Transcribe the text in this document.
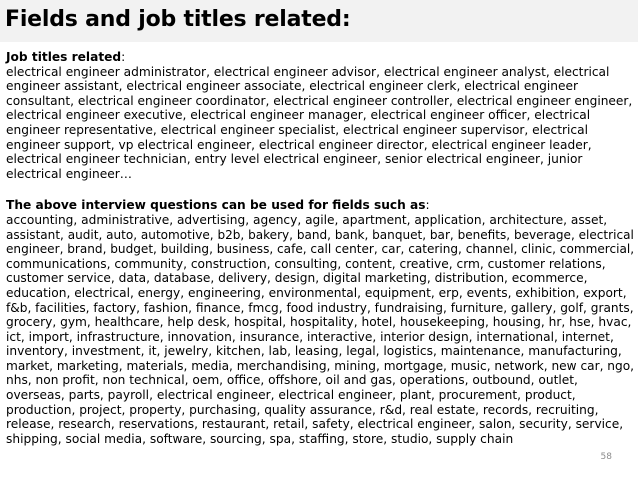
Fields and job titles related:

Job titles related:

electrical engineer administrator, electrical engineer advisor, electrical engineer analyst, electrical

engineer assistant, electrical engineer associate, electrical engineer clerk, electrical engineer

consultant, electrical engineer coordinator, electrical engineer controller, electrical engineer engineer,

electrical engineer executive, electrical engineer manager, electrical engineer officer, electrical

engineer representative, electrical engineer specialist, electrical engineer supervisor, electrical

engineer support, vp electrical engineer, electrical engineer director, electrical engineer leader,

electrical engineer technician, entry level electrical engineer, senior electrical engineer, junior

electrical engineer…

The above interview questions can be used for fields such as:

accounting, administrative, advertising, agency, agile, apartment, application, architecture, asset,

assistant, audit, auto, automotive, b2b, bakery, band, bank, banquet, bar, benefits, beverage, electrical

engineer, brand, budget, building, business, cafe, call center, car, catering, channel, clinic, commercial,

communications, community, construction, consulting, content, creative, crm, customer relations,

customer service, data, database, delivery, design, digital marketing, distribution, ecommerce,

education, electrical, energy, engineering, environmental, equipment, erp, events, exhibition, export,

f&b, facilities, factory, fashion, finance, fmcg, food industry, fundraising, furniture, gallery, golf, grants,

grocery, gym, healthcare, help desk, hospital, hospitality, hotel, housekeeping, housing, hr, hse, hvac,

ict, import, infrastructure, innovation, insurance, interactive, interior design, international, internet,

inventory, investment, it, jewelry, kitchen, lab, leasing, legal, logistics, maintenance, manufacturing,

market, marketing, materials, media, merchandising, mining, mortgage, music, network, new car, ngo,

nhs, non profit, non technical, oem, office, offshore, oil and gas, operations, outbound, outlet,

overseas, parts, payroll, electrical engineer, electrical engineer, plant, procurement, product,

production, project, property, purchasing, quality assurance, r&d, real estate, records, recruiting,

release, research, reservations, restaurant, retail, safety, electrical engineer, salon, security, service,

shipping, social media, software, sourcing, spa, staffing, store, studio, supply chain

58
